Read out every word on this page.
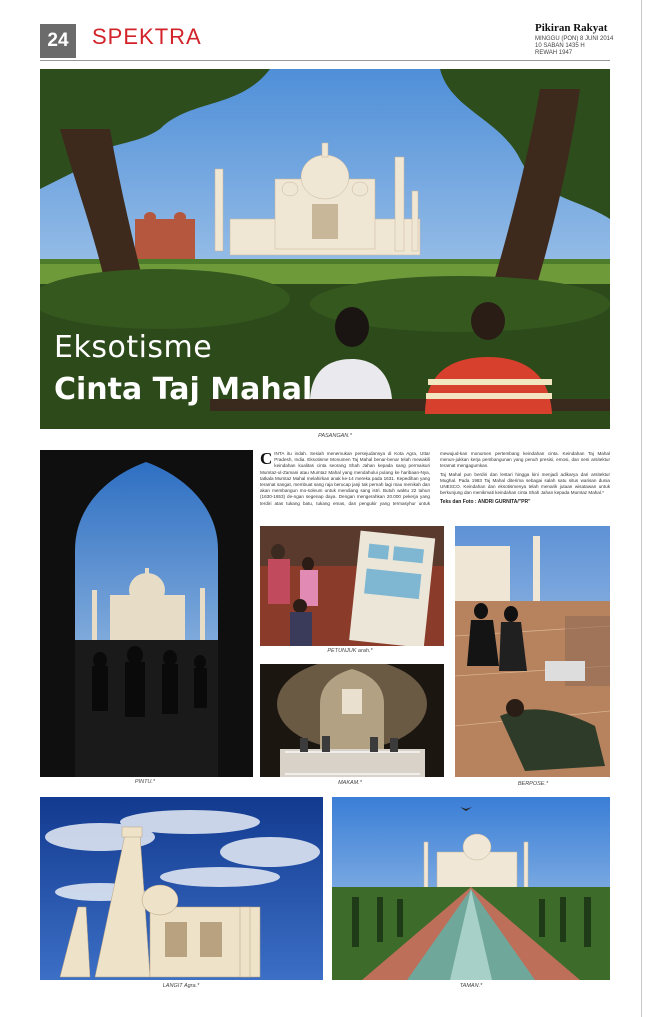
24	SPEKTRA	Pikiran Rakyat
MINGGU (PON) 8 JUNI 2014
10 SABAN 1435 H
REWAH 1947
Eksotisme
Cinta Taj Mahal
PASANGAN.*
PINTU.*

CINTA itu indah. Sesiah menemukan persejudannya di Kota Agra, Uttar Pradesh, India. Eksotisme Monumen Taj Mahal benar-benar telah mewakili keindahan kualitas cinta seorang Shah Jahan kepada sang permaisuri Mumtaz-ul-Zamani atau Mumtaz Mahal yang mendahului pulang ke haribaan-Nya, tatkala Mumtaz Mahal melahirkan anak ke-14 mereka pada 1631. Kepedihan yang teramat sangat, membuat sang raja berucap janji tak pernah lagi mau menikah dan akan membangun mo-soleum untuk mendiang sang istri. Butuh waktu 22 tahun (1630-1653) de-ngan segenap daya. Dengan mengerahkan 20.000 pekerja yang terdiri atas tukang batu, tukang emas, dan pengukir yang termasyhur untuk mewujud-kan monumen pertembang keindahan cinta. Keindahan Taj Mahal menun-jukkan kerja pembangunan yang penuh presisi, emosi, dan seni arsitektur teramat mengagumkan.

Taj Mahal pun berdiri dan lestari hingga kini menjadi adikarya dari arsitektur Mughal. Pada 1983 Taj Mahal diterima sebagai salah satu situs warisan dunia UNESCO. Keindahan dan eksotismenya telah menarik jutaan wisatawan untuk berkunjung dan menikmati keindahan cinta Shah Jahan kepada Mumtaz Mahal.*

Teks dan Foto : ANDRI GURNITA/"PR"
PETUNJUK arah.*
MAKAM.*	BERPOSE.*
LANGIT Agra.*	TAMAN.*
